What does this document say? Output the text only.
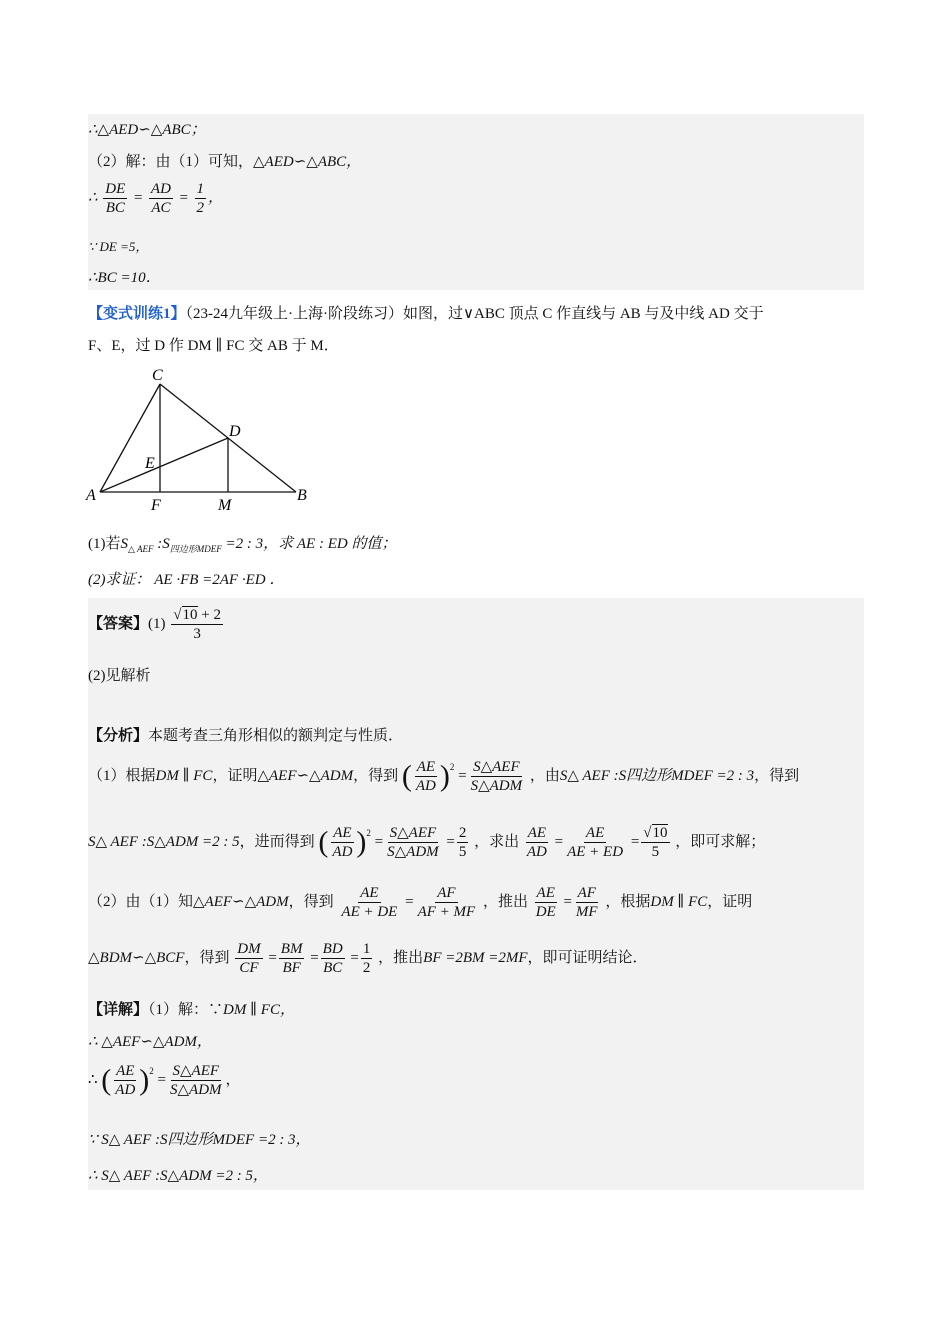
∴△AED∽△ABC；
（2）解：由（1）可知，△AED∽△ABC，
∴ $\frac{DE}{BC} = \frac{AD}{AC} = \frac{1}{2}$ ，
∵ DE =5，
∴BC =10．
【变式训练1】（23-24九年级上·上海·阶段练习）如图，过∨ABC 顶点 C 作直线与 AB 与及中线 AD 交于
F、E，过 D 作 DM ∥ FC 交 AB 于 M．
C
D
E
A
F	M
B
(1)若$S_{\triangle AEF}$ $:S_{四边形MDEF} =2$ : 3，求 AE : ED 的值；
(2)求证： AE ·FB =2AF ·ED ．
【答案】$(1) \frac{√10 + 2}{3}$
(2)见解析
【分析】本题考查三角形相似的额判定与性质．
（1）根据DM ∥ FC，证明△AEF∽△ADM，得到 ( $\frac{AE}{AD} )^2 = \frac{\text{S△AEF}}{\text{S△ADM}}$ ，由S△ AEF :S四边形MDEF =2 : 3，得到
S△ AEF :S△ADM =2 : 5，进而得到 ( $\frac{AE}{AD} )^2 = \frac{\text{S△AEF}}{\text{S△ADM}} = \frac{2}{5}$ ，求出 $\frac{AE}{AD} = \frac{AE}{AE + ED} = \frac{√10}{5}$ ，即可求解；
（2）由（1）知△AEF∽△ADM，得到 $\frac{AE}{AE + DE} = \frac{AF}{AF + MF}$ ，推出 $\frac{AE}{DE} = \frac{AF}{MF}$ ，根据DM ∥ FC，证明
△BDM∽△BCF，得到 $\frac{DM}{CF} = \frac{BM}{BF} = \frac{BD}{BC} = \frac{1}{2}$ ，推出BF =2BM =2MF，即可证明结论．
【详解】（1）解：∵DM ∥ FC，
∴ △AEF∽△ADM，
∴ ( $\frac{AE}{AD} )^2 = \frac{\text{S△AEF}}{\text{S△ADM}}$ ，
∵ S△ AEF :S四边形MDEF =2 : 3，
∴ S△ AEF :S△ADM =2 : 5，
